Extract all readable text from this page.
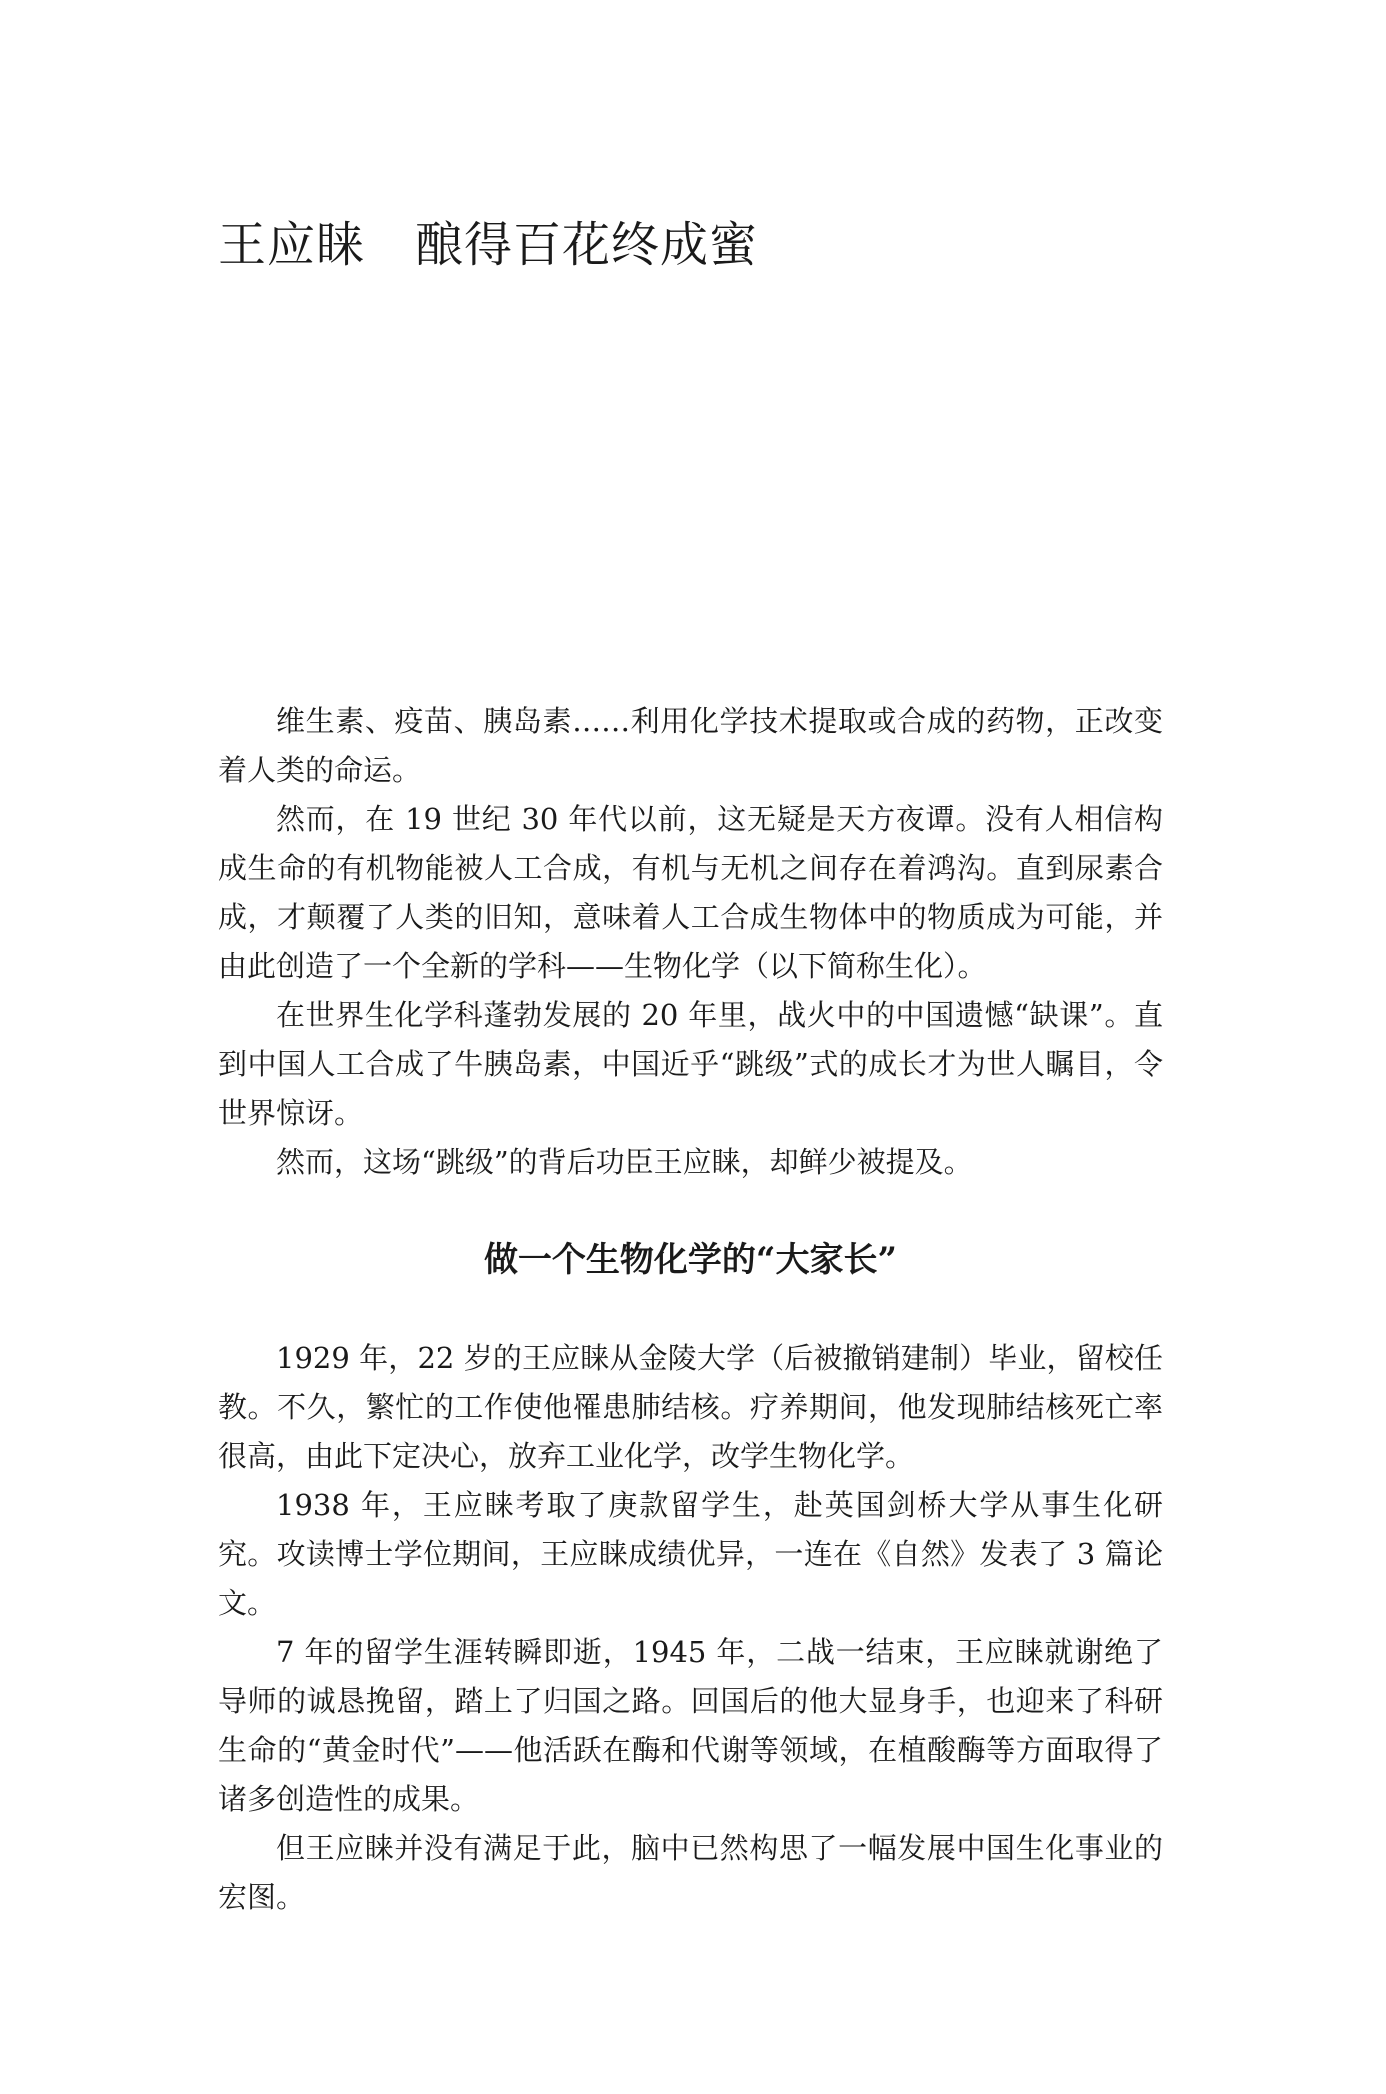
王应睐 酿得百花终成蜜

维生素、疫苗、胰岛素……利用化学技术提取或合成的药物，正改变着人类的命运。

然而，在 19 世纪 30 年代以前，这无疑是天方夜谭。没有人相信构成生命的有机物能被人工合成，有机与无机之间存在着鸿沟。直到尿素合成，才颠覆了人类的旧知，意味着人工合成生物体中的物质成为可能，并由此创造了一个全新的学科——生物化学（以下简称生化）。

在世界生化学科蓬勃发展的 20 年里，战火中的中国遗憾“缺课”。直到中国人工合成了牛胰岛素，中国近乎“跳级”式的成长才为世人瞩目，令世界惊讶。

然而，这场“跳级”的背后功臣王应睐，却鲜少被提及。

做一个生物化学的“大家长”

1929 年，22 岁的王应睐从金陵大学（后被撤销建制）毕业，留校任教。不久，繁忙的工作使他罹患肺结核。疗养期间，他发现肺结核死亡率很高，由此下定决心，放弃工业化学，改学生物化学。

1938 年，王应睐考取了庚款留学生，赴英国剑桥大学从事生化研究。攻读博士学位期间，王应睐成绩优异，一连在《自然》发表了 3 篇论文。

7 年的留学生涯转瞬即逝，1945 年，二战一结束，王应睐就谢绝了导师的诚恳挽留，踏上了归国之路。回国后的他大显身手，也迎来了科研生命的“黄金时代”——他活跃在酶和代谢等领域，在植酸酶等方面取得了诸多创造性的成果。

但王应睐并没有满足于此，脑中已然构思了一幅发展中国生化事业的宏图。
